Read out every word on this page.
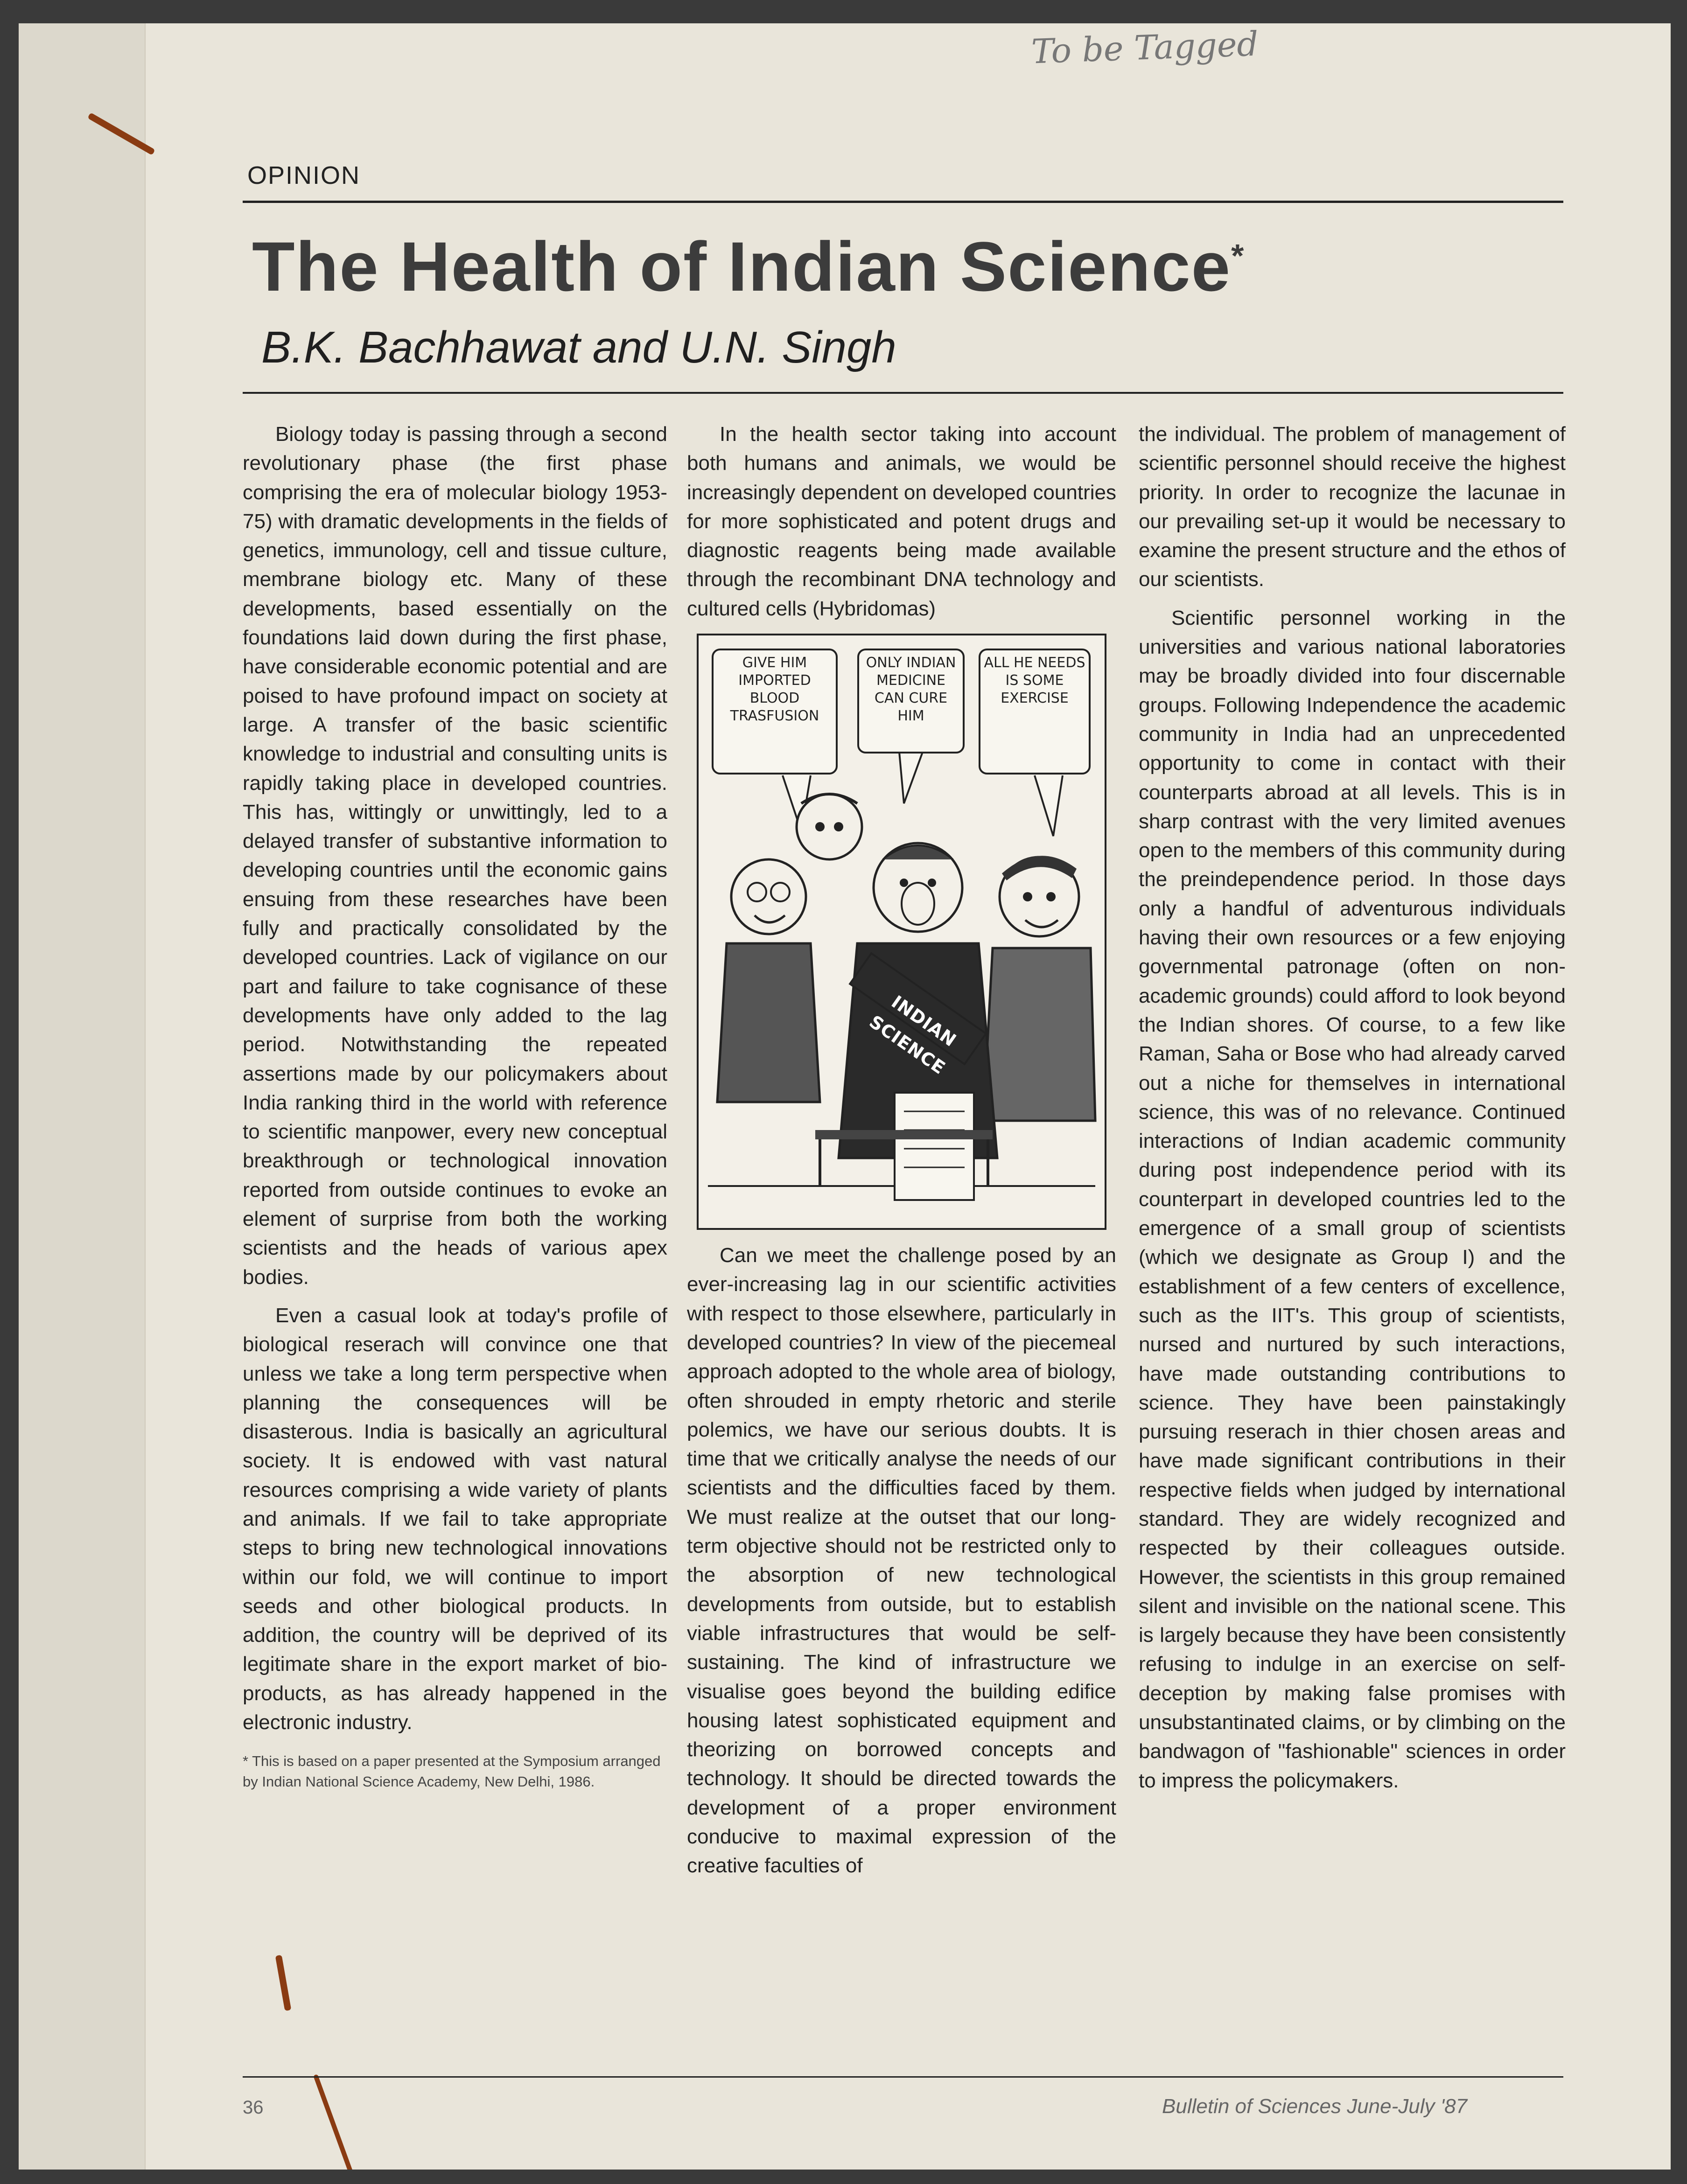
To be Tagged
OPINION
The Health of Indian Science*
B.K. Bachhawat and U.N. Singh

Biology today is passing through a second revolutionary phase (the first phase comprising the era of molecular biology 1953-75) with dramatic developments in the fields of genetics, immunology, cell and tissue culture, membrane biology etc. Many of these developments, based essentially on the foundations laid down during the first phase, have considerable economic potential and are poised to have profound impact on society at large. A transfer of the basic scientific knowledge to industrial and consulting units is rapidly taking place in developed countries. This has, wittingly or unwittingly, led to a delayed transfer of substantive information to developing countries until the economic gains ensuing from these researches have been fully and practically consolidated by the developed countries. Lack of vigilance on our part and failure to take cognisance of these developments have only added to the lag period. Notwithstanding the repeated assertions made by our policymakers about India ranking third in the world with reference to scientific manpower, every new conceptual breakthrough or technological innovation reported from outside continues to evoke an element of surprise from both the working scientists and the heads of various apex bodies.

Even a casual look at today's profile of biological reserach will convince one that unless we take a long term perspective when planning the consequences will be disasterous. India is basically an agricultural society. It is endowed with vast natural resources comprising a wide variety of plants and animals. If we fail to take appropriate steps to bring new technological innovations within our fold, we will continue to import seeds and other biological products. In addition, the country will be deprived of its legitimate share in the export market of bio-products, as has already happened in the electronic industry.

* This is based on a paper presented at the Symposium arranged by Indian National Science Academy, New Delhi, 1986.

In the health sector taking into account both humans and animals, we would be increasingly dependent on developed countries for more sophisticated and potent drugs and diagnostic reagents being made available through the recombinant DNA technology and cultured cells (Hybridomas)

GIVE HIM IMPORTED BLOOD TRASFUSION
ONLY INDIAN MEDICINE CAN CURE HIM
ALL HE NEEDS IS SOME EXERCISE
INDIAN SCIENCE

Can we meet the challenge posed by an ever-increasing lag in our scientific activities with respect to those elsewhere, particularly in developed countries? In view of the piecemeal approach adopted to the whole area of biology, often shrouded in empty rhetoric and sterile polemics, we have our serious doubts. It is time that we critically analyse the needs of our scientists and the difficulties faced by them. We must realize at the outset that our long-term objective should not be restricted only to the absorption of new technological developments from outside, but to establish viable infrastructures that would be self-sustaining. The kind of infrastructure we visualise goes beyond the building edifice housing latest sophisticated equipment and theorizing on borrowed concepts and technology. It should be directed towards the development of a proper environment conducive to maximal expression of the creative faculties of

the individual. The problem of management of scientific personnel should receive the highest priority. In order to recognize the lacunae in our prevailing set-up it would be necessary to examine the present structure and the ethos of our scientists.

Scientific personnel working in the universities and various national laboratories may be broadly divided into four discernable groups. Following Independence the academic community in India had an unprecedented opportunity to come in contact with their counterparts abroad at all levels. This is in sharp contrast with the very limited avenues open to the members of this community during the preindependence period. In those days only a handful of adventurous individuals having their own resources or a few enjoying governmental patronage (often on non-academic grounds) could afford to look beyond the Indian shores. Of course, to a few like Raman, Saha or Bose who had already carved out a niche for themselves in international science, this was of no relevance. Continued interactions of Indian academic community during post independence period with its counterpart in developed countries led to the emergence of a small group of scientists (which we designate as Group I) and the establishment of a few centers of excellence, such as the IIT's. This group of scientists, nursed and nurtured by such interactions, have made outstanding contributions to science. They have been painstakingly pursuing reserach in thier chosen areas and have made significant contributions in their respective fields when judged by international standard. They are widely recognized and respected by their colleagues outside. However, the scientists in this group remained silent and invisible on the national scene. This is largely because they have been consistently refusing to indulge in an exercise on self-deception by making false promises with unsubstantinated claims, or by climbing on the bandwagon of "fashionable" sciences in order to impress the policymakers.

36	Bulletin of Sciences June-July '87
